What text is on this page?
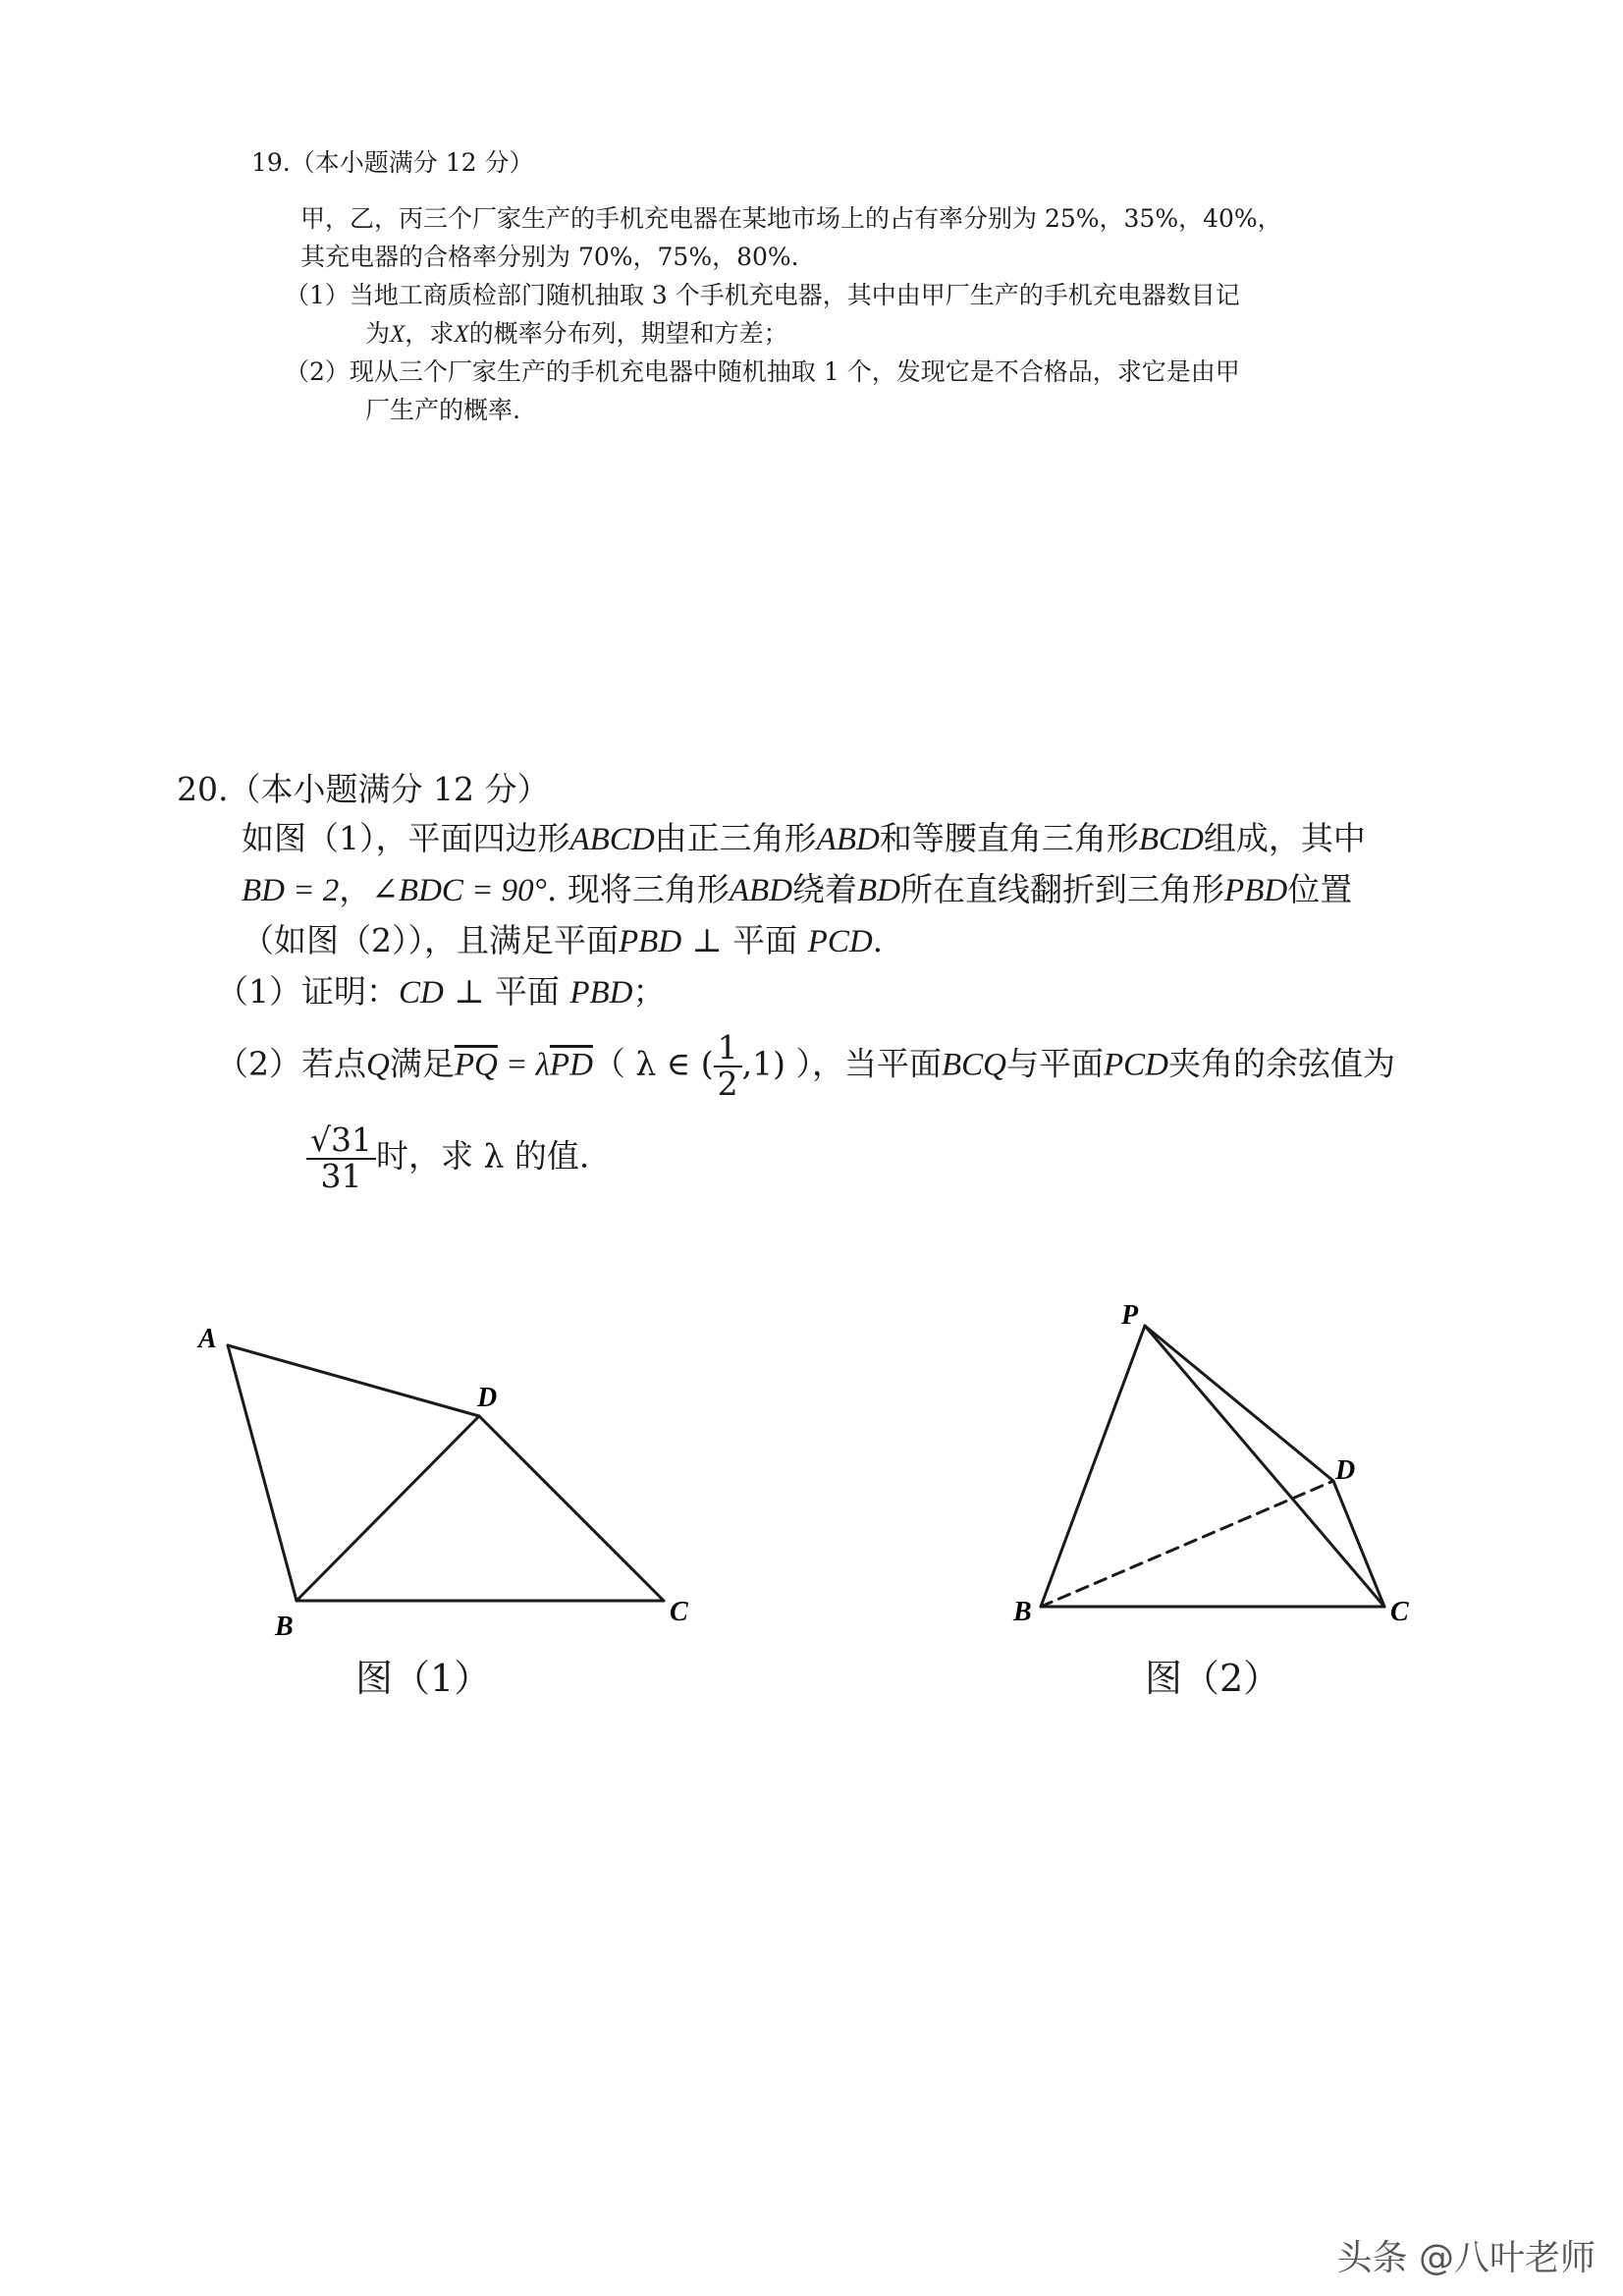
19.（本小题满分 12 分）
甲，乙，丙三个厂家生产的手机充电器在某地市场上的占有率分别为 25%，35%，40%，
其充电器的合格率分别为 70%，75%，80%.
（1）当地工商质检部门随机抽取 3 个手机充电器，其中由甲厂生产的手机充电器数目记
为X，求X的概率分布列，期望和方差；
（2）现从三个厂家生产的手机充电器中随机抽取 1 个，发现它是不合格品，求它是由甲
厂生产的概率.
20.（本小题满分 12 分）
如图（1），平面四边形ABCD由正三角形ABD和等腰直角三角形BCD组成，其中
BD = 2，∠BDC = 90°. 现将三角形ABD绕着BD所在直线翻折到三角形PBD位置
（如图（2）），且满足平面PBD ⊥ 平面 PCD.
（1）证明：CD ⊥ 平面 PBD；
（2）若点Q满足$\overline{PQ} = \lambda\overline{PD}$（ λ ∈ ( $\frac{1}{2} ,1$) ），当平面BCQ与平面PCD夹角的余弦值为
$\frac{√31}{31}$ 时，求 λ 的值.
A
B	C
D
图（1）
P
B	C
D
图（2）
头条 @八叶老师
